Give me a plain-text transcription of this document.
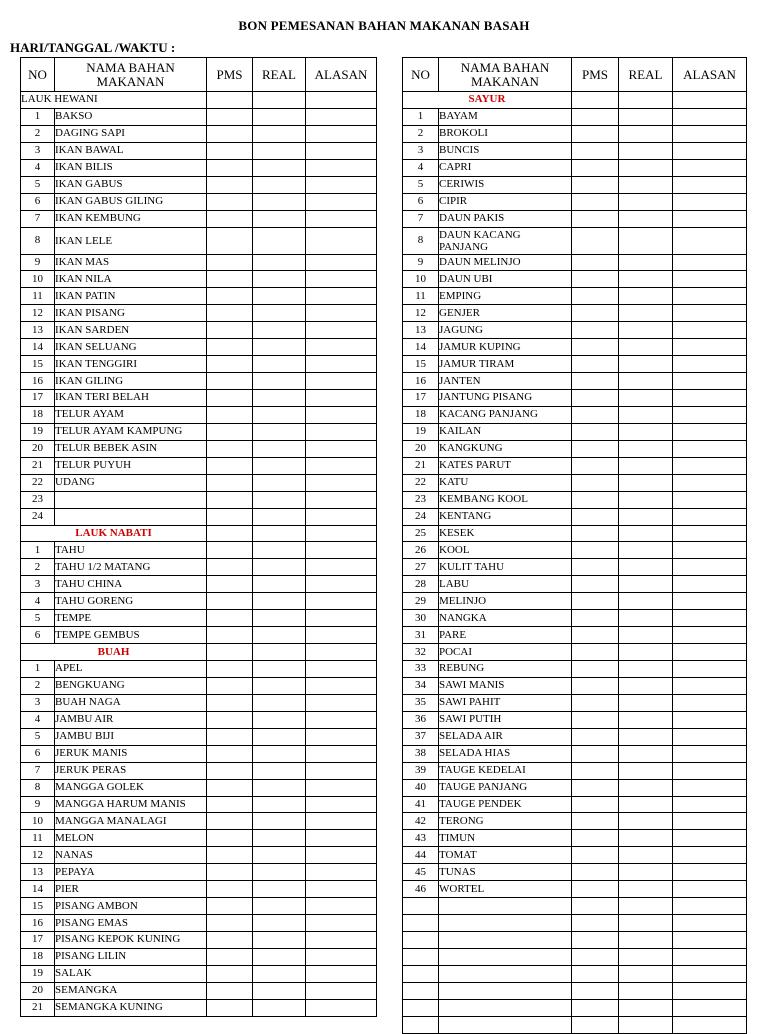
BON PEMESANAN BAHAN MAKANAN BASAH
HARI/TANGGAL /WAKTU :
NO	NAMA BAHAN MAKANAN	PMS	REAL	ALASAN
LAUK HEWANI				
1	BAKSO			
2	DAGING SAPI			
3	IKAN BAWAL			
4	IKAN BILIS			
5	IKAN GABUS			
6	IKAN GABUS GILING			
7	IKAN KEMBUNG			
8	IKAN LELE			
9	IKAN MAS			
10	IKAN NILA			
11	IKAN PATIN			
12	IKAN PISANG			
13	IKAN SARDEN			
14	IKAN SELUANG			
15	IKAN TENGGIRI			
16	IKAN GILING			
17	IKAN TERI BELAH			
18	TELUR AYAM			
19	TELUR AYAM KAMPUNG			
20	TELUR BEBEK ASIN			
21	TELUR PUYUH			
22	UDANG			
23				
24				
LAUK NABATI				
1	TAHU			
2	TAHU 1/2 MATANG			
3	TAHU CHINA			
4	TAHU GORENG			
5	TEMPE			
6	TEMPE GEMBUS			
BUAH				
1	APEL			
2	BENGKUANG			
3	BUAH NAGA			
4	JAMBU AIR			
5	JAMBU BIJI			
6	JERUK MANIS			
7	JERUK PERAS			
8	MANGGA GOLEK			
9	MANGGA HARUM MANIS			
10	MANGGA MANALAGI			
11	MELON			
12	NANAS			
13	PEPAYA			
14	PIER			
15	PISANG AMBON			
16	PISANG EMAS			
17	PISANG KEPOK KUNING			
18	PISANG LILIN			
19	SALAK			
20	SEMANGKA			
21	SEMANGKA KUNING			
NO	NAMA BAHAN MAKANAN	PMS	REAL	ALASAN
SAYUR				
1	BAYAM			
2	BROKOLI			
3	BUNCIS			
4	CAPRI			
5	CERIWIS			
6	CIPIR			
7	DAUN PAKIS			
8	DAUN KACANG PANJANG			
9	DAUN MELINJO			
10	DAUN UBI			
11	EMPING			
12	GENJER			
13	JAGUNG			
14	JAMUR KUPING			
15	JAMUR TIRAM			
16	JANTEN			
17	JANTUNG PISANG			
18	KACANG PANJANG			
19	KAILAN			
20	KANGKUNG			
21	KATES PARUT			
22	KATU			
23	KEMBANG KOOL			
24	KENTANG			
25	KESEK			
26	KOOL			
27	KULIT TAHU			
28	LABU			
29	MELINJO			
30	NANGKA			
31	PARE			
32	POCAI			
33	REBUNG			
34	SAWI MANIS			
35	SAWI PAHIT			
36	SAWI PUTIH			
37	SELADA AIR			
38	SELADA HIAS			
39	TAUGE KEDELAI			
40	TAUGE PANJANG			
41	TAUGE PENDEK			
42	TERONG			
43	TIMUN			
44	TOMAT			
45	TUNAS			
46	WORTEL			
